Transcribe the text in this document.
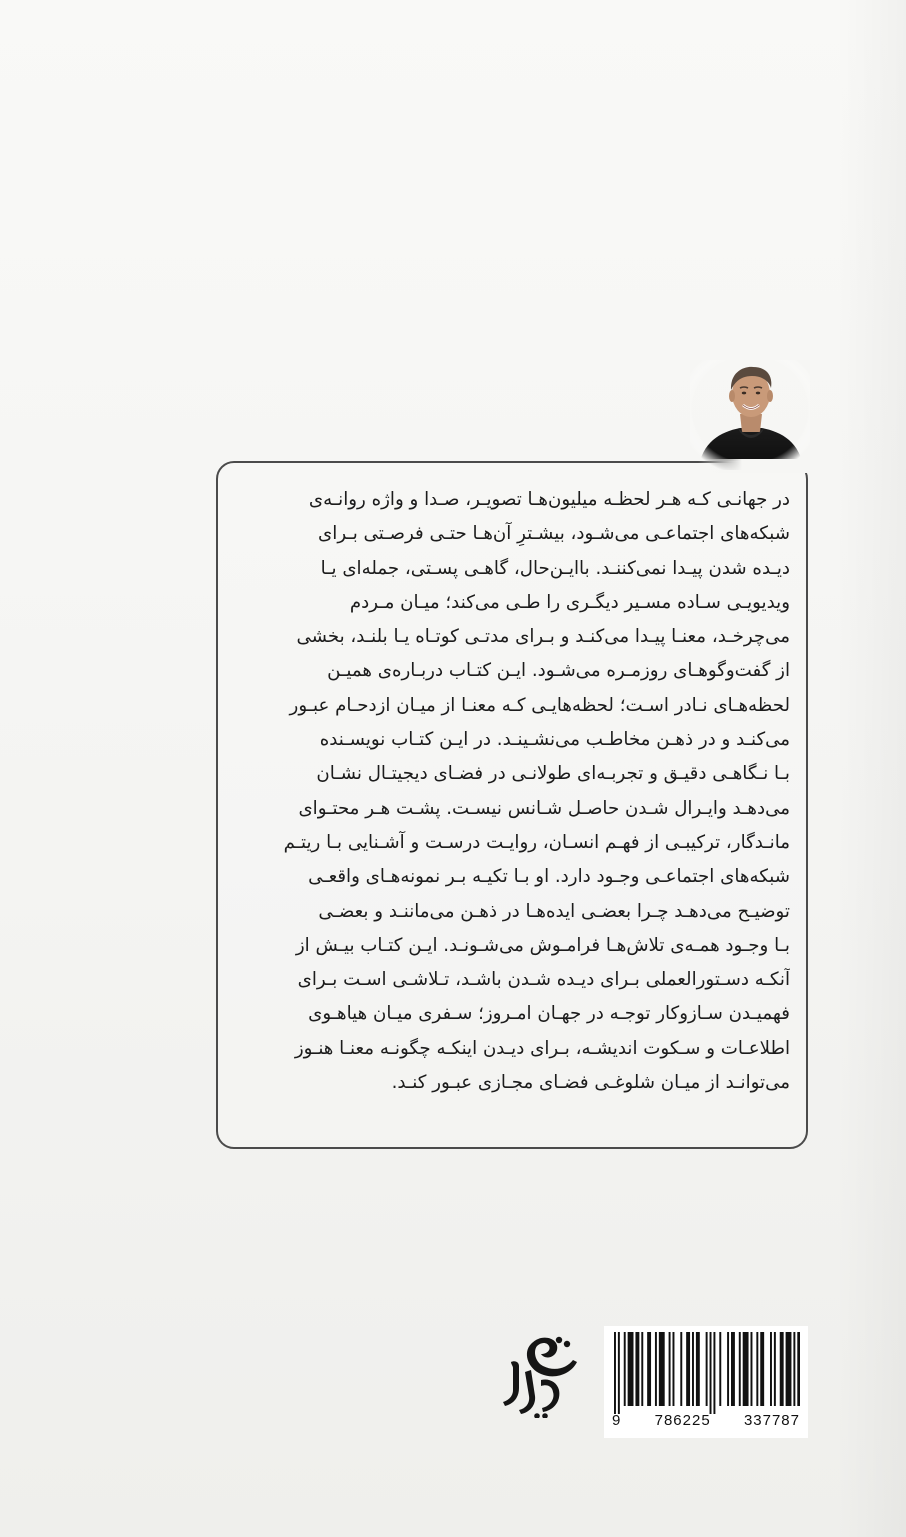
در جهانـی کـه هـر لحظـه میلیون‌هـا تصویـر، صـدا و واژه روانـه‌ی
شبکه‌های اجتماعـی می‌شـود، بیشـترِ آن‌هـا حتـی فرصـتی بـرای
دیـده شدن پیـدا نمی‌کننـد. باایـن‌حال، گاهـی پسـتی، جمله‌ای یـا
ویدیویـی سـاده مسـیر دیگـری را طـی می‌کند؛ میـان مـردم
می‌چرخـد، معنـا پیـدا می‌کنـد و بـرای مدتـی کوتـاه یـا بلنـد، بخشی
از گفت‌وگوهـای روزمـره می‌شـود. ایـن کتـاب دربـاره‌ی همیـن
لحظه‌هـای نـادر اسـت؛ لحظه‌هایـی کـه معنـا از میـان ازدحـام عبـور
می‌کنـد و در ذهـن مخاطـب می‌نشـینـد. در ایـن کتـاب نویسـنده
بـا نـگاهـی دقیـق و تجربـه‌ای طولانـی در فضـای دیجیتـال نشـان
می‌دهـد وایـرال شـدن حاصـل شـانس نیسـت. پشـت هـر محتـوای
مانـدگار، ترکیبـی از فهـم انسـان، روایـت درسـت و آشـنایی بـا ریتـم
شبکه‌های اجتماعـی وجـود دارد. او بـا تکیـه بـر نمونه‌هـای واقعـی
توضیـح می‌دهـد چـرا بعضـی ایده‌هـا در ذهـن می‌ماننـد و بعضـی
بـا وجـود همـه‌ی تلاش‌هـا فرامـوش می‌شـونـد. ایـن کتـاب بیـش از
آنکـه دسـتورالعملی بـرای دیـده شـدن باشـد، تـلاشـی اسـت بـرای
فهمیـدن سـازوکار توجـه در جهـان امـروز؛ سـفری میـان هیاهـوی
اطلاعـات و سـکوت اندیشـه، بـرای دیـدن اینکـه چگونـه معنـا هنـوز
می‌توانـد از میـان شلوغـی فضـای مجـازی عبـور کنـد.

وریا
9 786225 337787
